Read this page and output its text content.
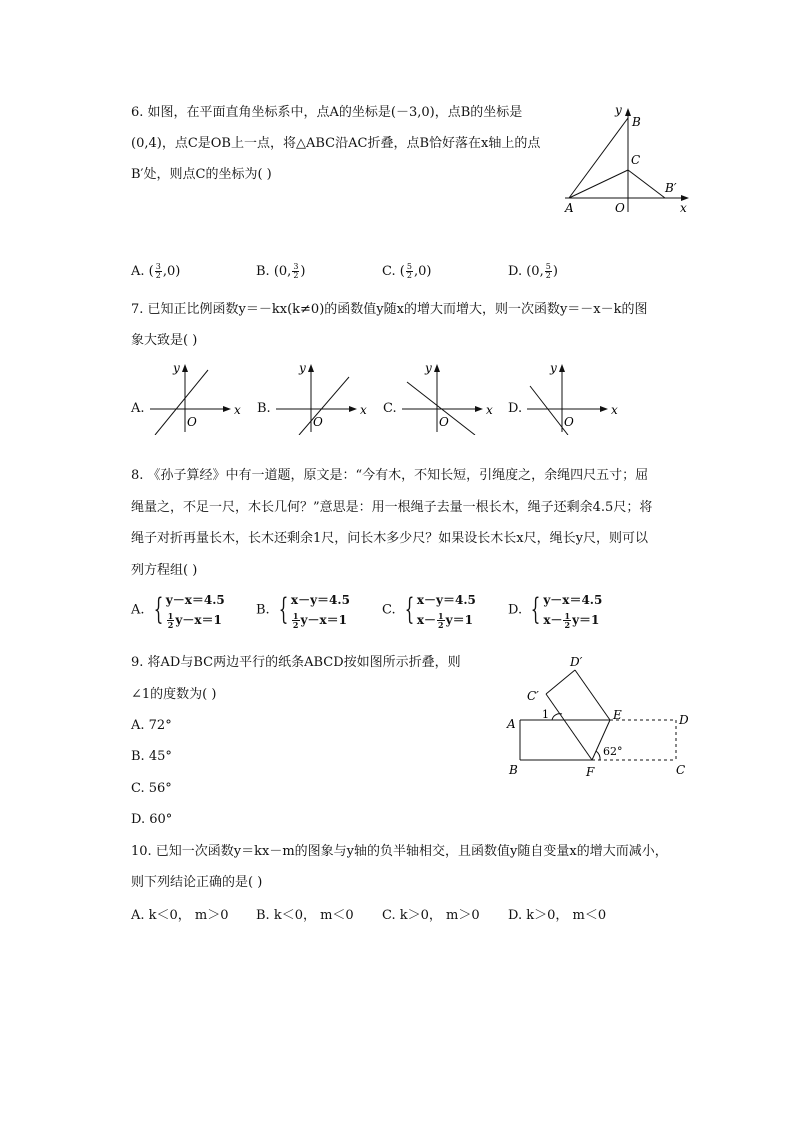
6. 如图，在平面直角坐标系中，点A的坐标是(－3,0)，点B的坐标是
(0,4)，点C是OB上一点，将△ABC沿AC折叠，点B恰好落在x轴上的点
B′处，则点C的坐标为( )
y
B
C
B′
A	O	x
A. ( $\frac{3}{2} ,0$)	B. (0, $\frac{3}{2}$ )	C. ( $\frac{5}{2} ,0$)	D. (0, $\frac{5}{2}$ )
7. 已知正比例函数y＝－kx(k≠0)的函数值y随x的增大而增大，则一次函数y＝－x－k的图
象大致是( )
A.
y
x
O
B.
y
x
O
C.
y
x
O
D.
y
x
O
8. 《孙子算经》中有一道题，原文是：“今有木，不知长短，引绳度之，余绳四尺五寸；屈
绳量之，不足一尺，木长几何？”意思是：用一根绳子去量一根长木，绳子还剩余4.5尺；将
绳子对折再量长木，长木还剩余1尺，问长木多少尺？如果设长木长x尺，绳长y尺，则可以
列方程组( )
A. { y－x＝4.5
$\frac{1}{2} y-x=1$
B. { x－y＝4.5
$\frac{1}{2} y-x=1$
C. { x－y＝4.5
$x- \frac{1}{2} y=1$
D. { y－x＝4.5
$x- \frac{1}{2} y=1$
9. 将AD与BC两边平行的纸条ABCD按如图所示折叠，则
∠1的度数为( )
A. 72°
B. 45°
C. 56°
D. 60°
D′
C′
1
A
E	D
62°
B	F	C
10. 已知一次函数y＝kx－m的图象与y轴的负半轴相交，且函数值y随自变量x的增大而减小，
则下列结论正确的是( )
A. k＜0， m＞0 B. k＜0， m＜0 C. k＞0， m＞0 D. k＞0， m＜0
